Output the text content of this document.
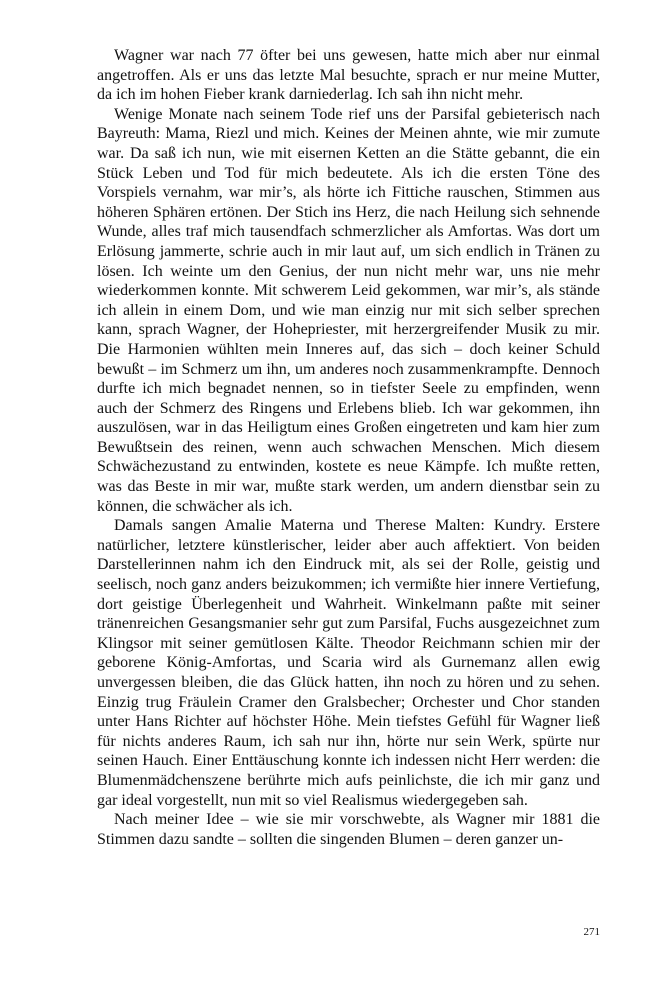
Wagner war nach 77 öfter bei uns gewesen, hatte mich aber nur einmal angetroffen. Als er uns das letzte Mal besuchte, sprach er nur meine Mutter, da ich im hohen Fieber krank darniederlag. Ich sah ihn nicht mehr.

Wenige Monate nach seinem Tode rief uns der Parsifal gebieterisch nach Bayreuth: Mama, Riezl und mich. Keines der Meinen ahnte, wie mir zumute war. Da saß ich nun, wie mit eisernen Ketten an die Stätte gebannt, die ein Stück Leben und Tod für mich bedeutete. Als ich die ersten Töne des Vorspiels vernahm, war mir’s, als hörte ich Fittiche rauschen, Stimmen aus höheren Sphären ertönen. Der Stich ins Herz, die nach Heilung sich sehnende Wunde, alles traf mich tausendfach schmerzlicher als Amfortas. Was dort um Erlösung jammerte, schrie auch in mir laut auf, um sich endlich in Tränen zu lösen. Ich weinte um den Genius, der nun nicht mehr war, uns nie mehr wiederkommen konnte. Mit schwerem Leid gekommen, war mir’s, als stände ich allein in einem Dom, und wie man einzig nur mit sich selber sprechen kann, sprach Wagner, der Hohepriester, mit herzergreifender Musik zu mir. Die Harmonien wühlten mein Inneres auf, das sich – doch keiner Schuld bewußt – im Schmerz um ihn, um anderes noch zusammenkrampfte. Dennoch durfte ich mich begnadet nennen, so in tiefster Seele zu empfinden, wenn auch der Schmerz des Ringens und Erlebens blieb. Ich war gekommen, ihn auszulösen, war in das Heiligtum eines Großen eingetreten und kam hier zum Bewußtsein des reinen, wenn auch schwachen Menschen. Mich diesem Schwächezustand zu entwinden, kostete es neue Kämpfe. Ich mußte retten, was das Beste in mir war, mußte stark werden, um andern dienstbar sein zu können, die schwächer als ich.

Damals sangen Amalie Materna und Therese Malten: Kundry. Erstere natürlicher, letztere künstlerischer, leider aber auch affektiert. Von beiden Darstellerinnen nahm ich den Eindruck mit, als sei der Rolle, geistig und seelisch, noch ganz anders beizukommen; ich vermißte hier innere Vertiefung, dort geistige Überlegenheit und Wahrheit. Winkelmann paßte mit seiner tränenreichen Gesangsmanier sehr gut zum Parsifal, Fuchs ausgezeichnet zum Klingsor mit seiner gemütlosen Kälte. Theodor Reichmann schien mir der geborene König-Amfortas, und Scaria wird als Gurnemanz allen ewig unvergessen bleiben, die das Glück hatten, ihn noch zu hören und zu sehen. Einzig trug Fräulein Cramer den Gralsbecher; Orchester und Chor standen unter Hans Richter auf höchster Höhe. Mein tiefstes Gefühl für Wagner ließ für nichts anderes Raum, ich sah nur ihn, hörte nur sein Werk, spürte nur seinen Hauch. Einer Enttäuschung konnte ich indessen nicht Herr werden: die Blumenmädchenszene berührte mich aufs peinlichste, die ich mir ganz und gar ideal vorgestellt, nun mit so viel Realismus wiedergegeben sah.

Nach meiner Idee – wie sie mir vorschwebte, als Wagner mir 1881 die Stimmen dazu sandte – sollten die singenden Blumen – deren ganzer un-

271
